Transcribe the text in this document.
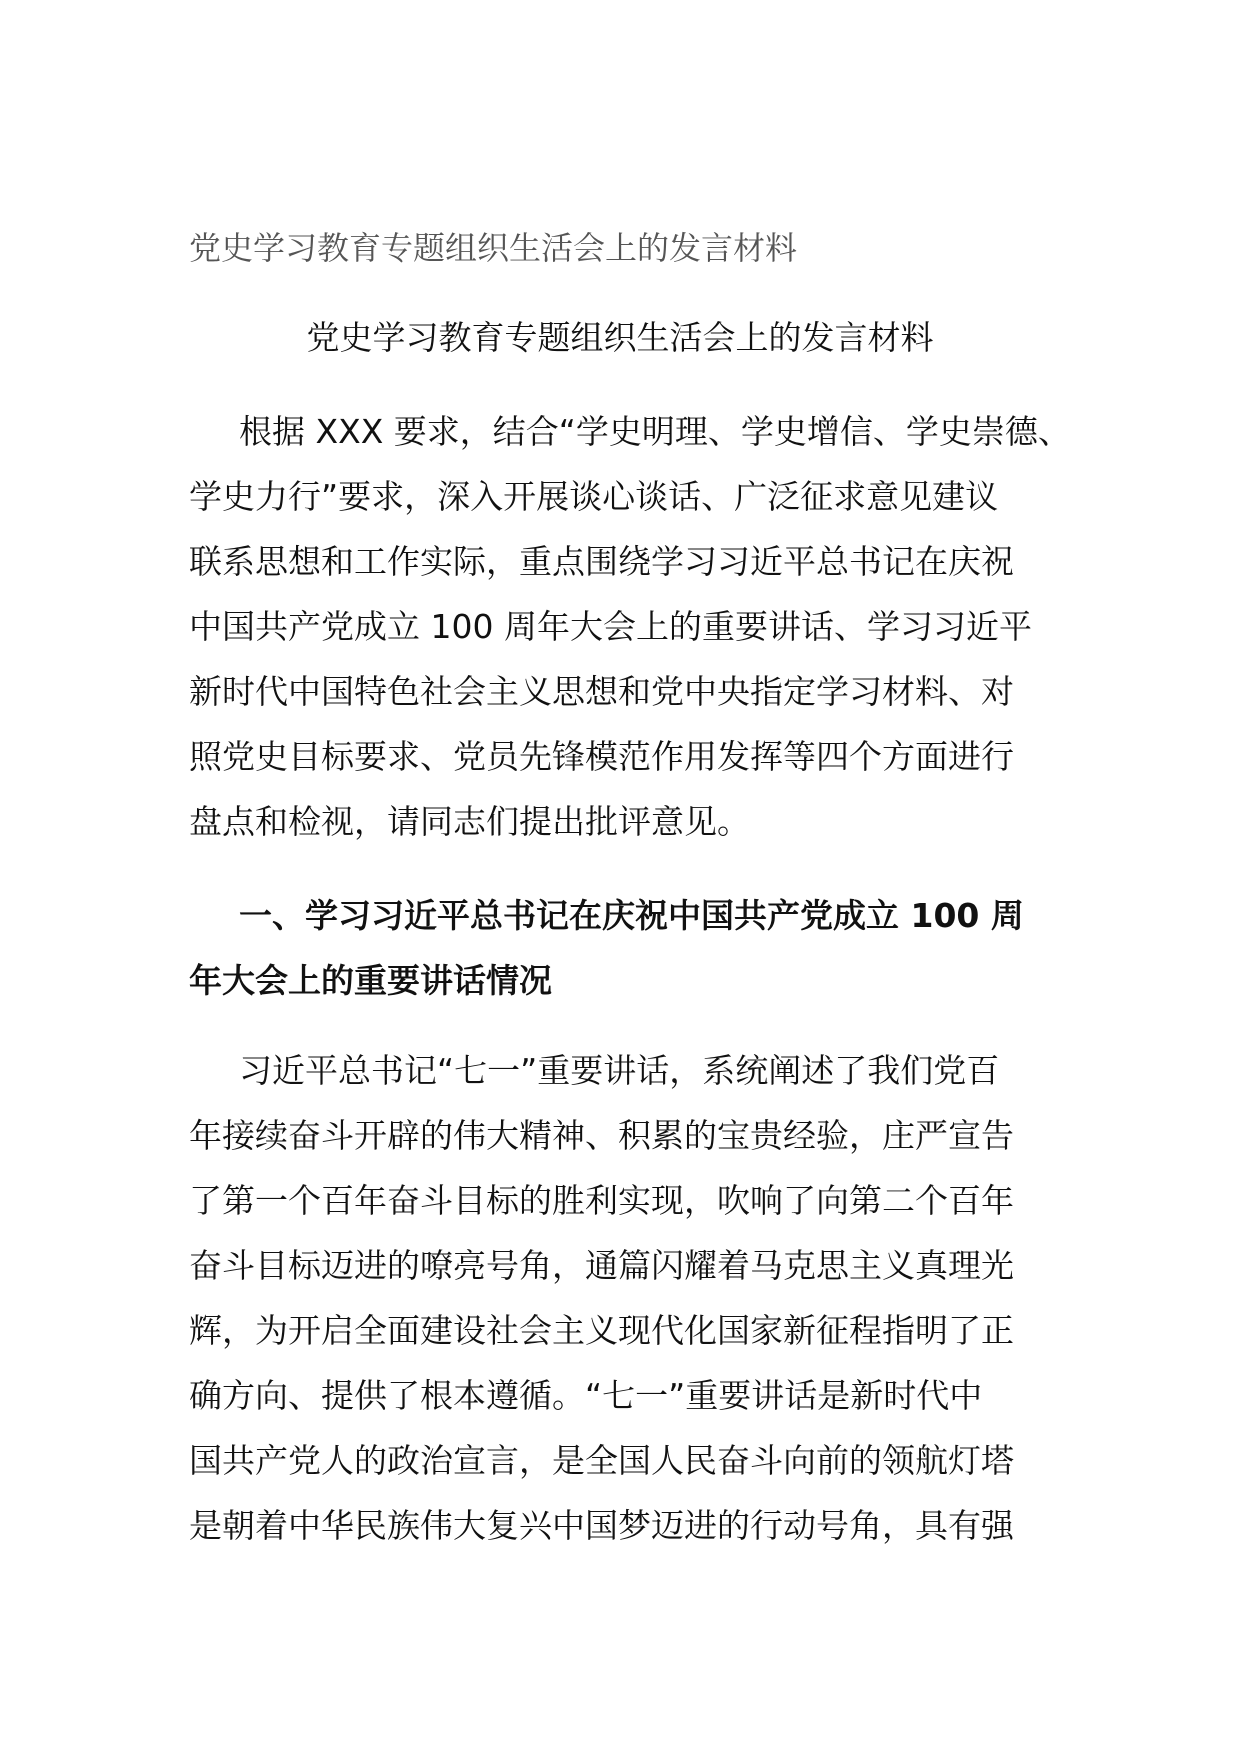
党史学习教育专题组织生活会上的发言材料
党史学习教育专题组织生活会上的发言材料
根据 XXX 要求，结合“学史明理、学史增信、学史崇德、
学史力行”要求，深入开展谈心谈话、广泛征求意见建议
联系思想和工作实际，重点围绕学习习近平总书记在庆祝
中国共产党成立 100 周年大会上的重要讲话、学习习近平
新时代中国特色社会主义思想和党中央指定学习材料、对
照党史目标要求、党员先锋模范作用发挥等四个方面进行
盘点和检视，请同志们提出批评意见。
一、学习习近平总书记在庆祝中国共产党成立 100 周
年大会上的重要讲话情况
习近平总书记“七一”重要讲话，系统阐述了我们党百
年接续奋斗开辟的伟大精神、积累的宝贵经验，庄严宣告
了第一个百年奋斗目标的胜利实现，吹响了向第二个百年
奋斗目标迈进的嘹亮号角，通篇闪耀着马克思主义真理光
辉，为开启全面建设社会主义现代化国家新征程指明了正
确方向、提供了根本遵循。“七一”重要讲话是新时代中
国共产党人的政治宣言，是全国人民奋斗向前的领航灯塔
是朝着中华民族伟大复兴中国梦迈进的行动号角，具有强
